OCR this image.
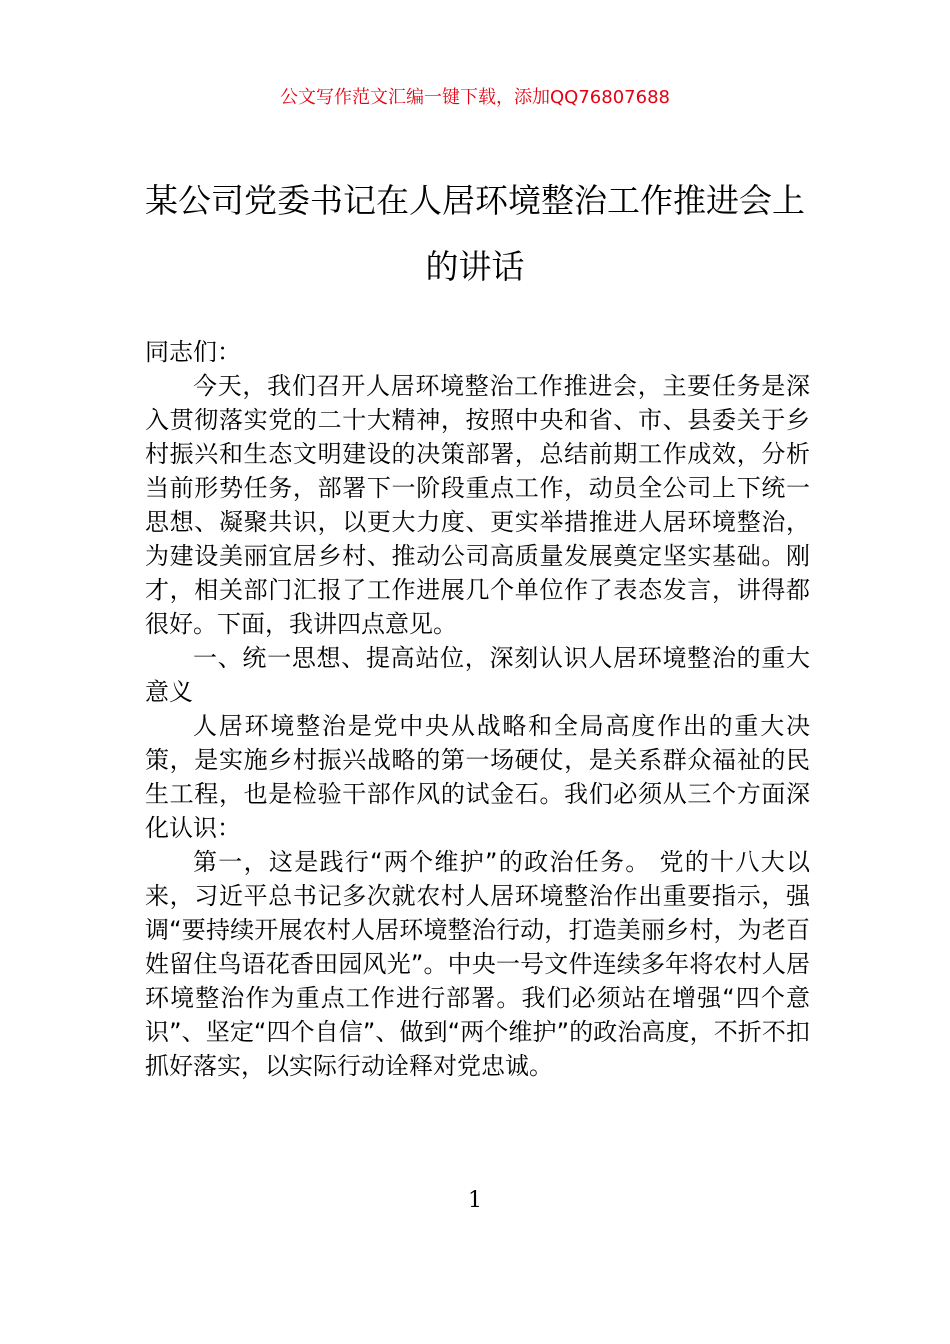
公文写作范文汇编一键下载，添加QQ76807688
某公司党委书记在人居环境整治工作推进会上的讲话

同志们：

今天，我们召开人居环境整治工作推进会，主要任务是深入贯彻落实党的二十大精神，按照中央和省、市、县委关于乡村振兴和生态文明建设的决策部署，总结前期工作成效，分析当前形势任务，部署下一阶段重点工作，动员全公司上下统一思想、凝聚共识，以更大力度、更实举措推进人居环境整治，为建设美丽宜居乡村、推动公司高质量发展奠定坚实基础。刚才，相关部门汇报了工作进展几个单位作了表态发言，讲得都很好。下面，我讲四点意见。

一、统一思想、提高站位，深刻认识人居环境整治的重大意义

人居环境整治是党中央从战略和全局高度作出的重大决策，是实施乡村振兴战略的第一场硬仗，是关系群众福祉的民生工程，也是检验干部作风的试金石。我们必须从三个方面深化认识：

第一，这是践行“两个维护”的政治任务。 党的十八大以来，习近平总书记多次就农村人居环境整治作出重要指示，强调“要持续开展农村人居环境整治行动，打造美丽乡村，为老百姓留住鸟语花香田园风光”。中央一号文件连续多年将农村人居环境整治作为重点工作进行部署。我们必须站在增强“四个意识”、坚定“四个自信”、做到“两个维护”的政治高度，不折不扣抓好落实，以实际行动诠释对党忠诚。

1
